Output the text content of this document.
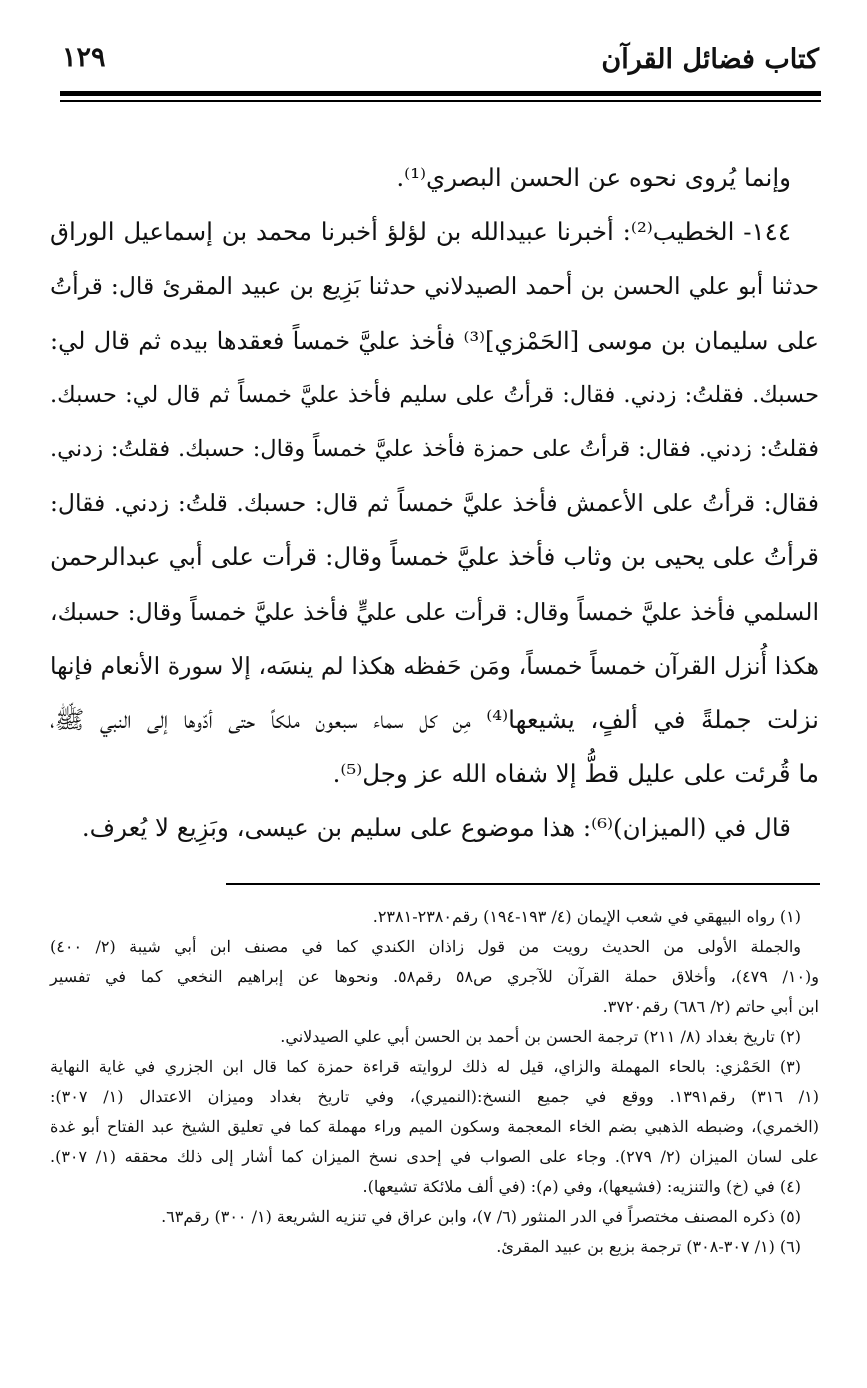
كتاب فضائل القرآن
١٢٩
وإنما يُروى نحوه عن الحسن البصري⁽¹⁾.
١٤٤- الخطيب⁽²⁾: أخبرنا عبيدالله بن لؤلؤ أخبرنا محمد بن إسماعيل الوراق
حدثنا أبو علي الحسن بن أحمد الصيدلاني حدثنا بَزِيع بن عبيد المقرئ قال: قرأتُ
على سليمان بن موسى [الحَمْزي]⁽³⁾ فأخذ عليَّ خمساً فعقدها بيده ثم قال لي:
حسبك. فقلتُ: زدني. فقال: قرأتُ على سليم فأخذ عليَّ خمساً ثم قال لي: حسبك.
فقلتُ: زدني. فقال: قرأتُ على حمزة فأخذ عليَّ خمساً وقال: حسبك. فقلتُ: زدني.
فقال: قرأتُ على الأعمش فأخذ عليَّ خمساً ثم قال: حسبك. قلتُ: زدني. فقال:
قرأتُ على يحيى بن وثاب فأخذ عليَّ خمساً وقال: قرأت على أبي عبدالرحمن
السلمي فأخذ عليَّ خمساً وقال: قرأت على عليٍّ فأخذ عليَّ خمساً وقال: حسبك،
هكذا أُنزل القرآن خمساً خمساً، ومَن حَفظه هكذا لم ينسَه، إلا سورة الأنعام فإنها
نزلت جملةً في ألفٍ، يشيعها⁽⁴⁾ مِن كل سماء سبعون ملكاً حتى أدّوها إلى النبي ﷺ،
ما قُرئت على عليل قطُّ إلا شفاه الله عز وجل⁽⁵⁾.
قال في (الميزان)⁽⁶⁾: هذا موضوع على سليم بن عيسى، وبَزِيع لا يُعرف.
(١) رواه البيهقي في شعب الإيمان (٤/ ١٩٣-١٩٤) رقم٢٣٨٠-٢٣٨١.
والجملة الأولى من الحديث رويت من قول زاذان الكندي كما في مصنف ابن أبي شيبة (٢/ ٤٠٠)
و(١٠/ ٤٧٩)، وأخلاق حملة القرآن للآجري ص٥٨ رقم٥٨. ونحوها عن إبراهيم النخعي كما في تفسير
ابن أبي حاتم (٢/ ٦٨٦) رقم٣٧٢٠.
(٢) تاريخ بغداد (٨/ ٢١١) ترجمة الحسن بن أحمد بن الحسن أبي علي الصيدلاني.
(٣) الحَمْزي: بالحاء المهملة والزاي، قيل له ذلك لروايته قراءة حمزة كما قال ابن الجزري في غاية النهاية
(١/ ٣١٦) رقم١٣٩١. ووقع في جميع النسخ:(النميري)، وفي تاريخ بغداد وميزان الاعتدال (١/ ٣٠٧):
(الخمري)، وضبطه الذهبي بضم الخاء المعجمة وسكون الميم وراء مهملة كما في تعليق الشيخ عبد الفتاح أبو غدة
على لسان الميزان (٢/ ٢٧٩). وجاء على الصواب في إحدى نسخ الميزان كما أشار إلى ذلك محققه (١/ ٣٠٧).
(٤) في (خ) والتنزيه: (فشيعها)، وفي (م): (في ألف ملائكة تشيعها).
(٥) ذكره المصنف مختصراً في الدر المنثور (٦/ ٧)، وابن عراق في تنزيه الشريعة (١/ ٣٠٠) رقم٦٣.
(٦) (١/ ٣٠٧-٣٠٨) ترجمة بزيع بن عبيد المقرئ.
